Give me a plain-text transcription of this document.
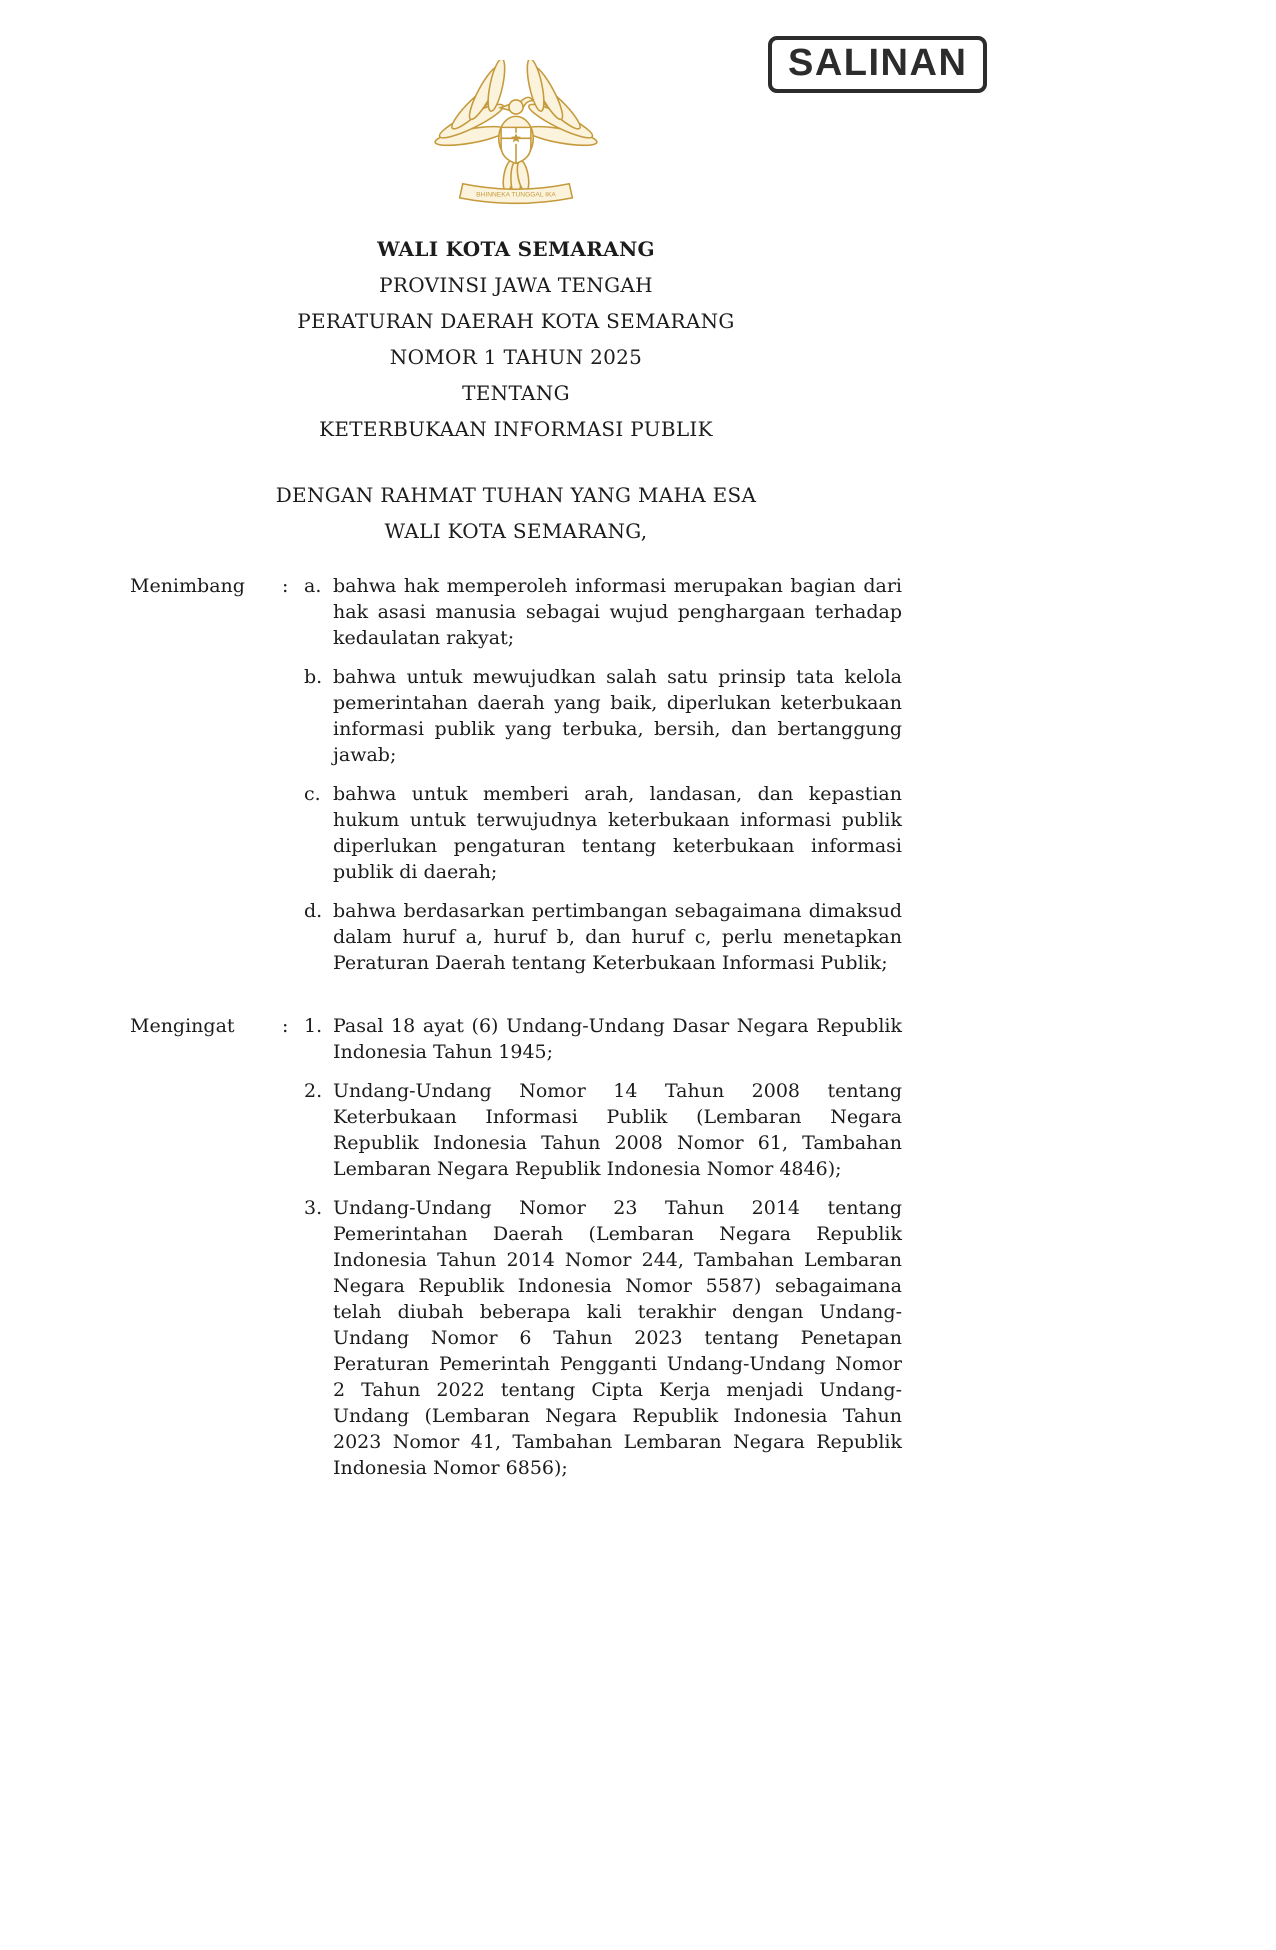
SALINAN
BHINNEKA TUNGGAL IKA
WALI KOTA SEMARANG
PROVINSI JAWA TENGAH
PERATURAN DAERAH KOTA SEMARANG
NOMOR 1 TAHUN 2025
TENTANG
KETERBUKAAN INFORMASI PUBLIK
DENGAN RAHMAT TUHAN YANG MAHA ESA
WALI KOTA SEMARANG,
Menimbang	: a. bahwa hak memperoleh informasi merupakan bagian dari hak asasi manusia sebagai wujud penghargaan terhadap kedaulatan rakyat;
b. bahwa untuk mewujudkan salah satu prinsip tata kelola pemerintahan daerah yang baik, diperlukan keterbukaan informasi publik yang terbuka, bersih, dan bertanggung jawab;
c. bahwa untuk memberi arah, landasan, dan kepastian hukum untuk terwujudnya keterbukaan informasi publik diperlukan pengaturan tentang keterbukaan informasi publik di daerah;
d. bahwa berdasarkan pertimbangan sebagaimana dimaksud dalam huruf a, huruf b, dan huruf c, perlu menetapkan Peraturan Daerah tentang Keterbukaan Informasi Publik;
Mengingat	: 1. Pasal 18 ayat (6) Undang-Undang Dasar Negara Republik Indonesia Tahun 1945;
2. Undang-Undang Nomor 14 Tahun 2008 tentang Keterbukaan Informasi Publik (Lembaran Negara Republik Indonesia Tahun 2008 Nomor 61, Tambahan Lembaran Negara Republik Indonesia Nomor 4846);
3. Undang-Undang Nomor 23 Tahun 2014 tentang Pemerintahan Daerah (Lembaran Negara Republik Indonesia Tahun 2014 Nomor 244, Tambahan Lembaran Negara Republik Indonesia Nomor 5587) sebagaimana telah diubah beberapa kali terakhir dengan Undang-Undang Nomor 6 Tahun 2023 tentang Penetapan Peraturan Pemerintah Pengganti Undang-Undang Nomor 2 Tahun 2022 tentang Cipta Kerja menjadi Undang-Undang (Lembaran Negara Republik Indonesia Tahun 2023 Nomor 41, Tambahan Lembaran Negara Republik Indonesia Nomor 6856);
